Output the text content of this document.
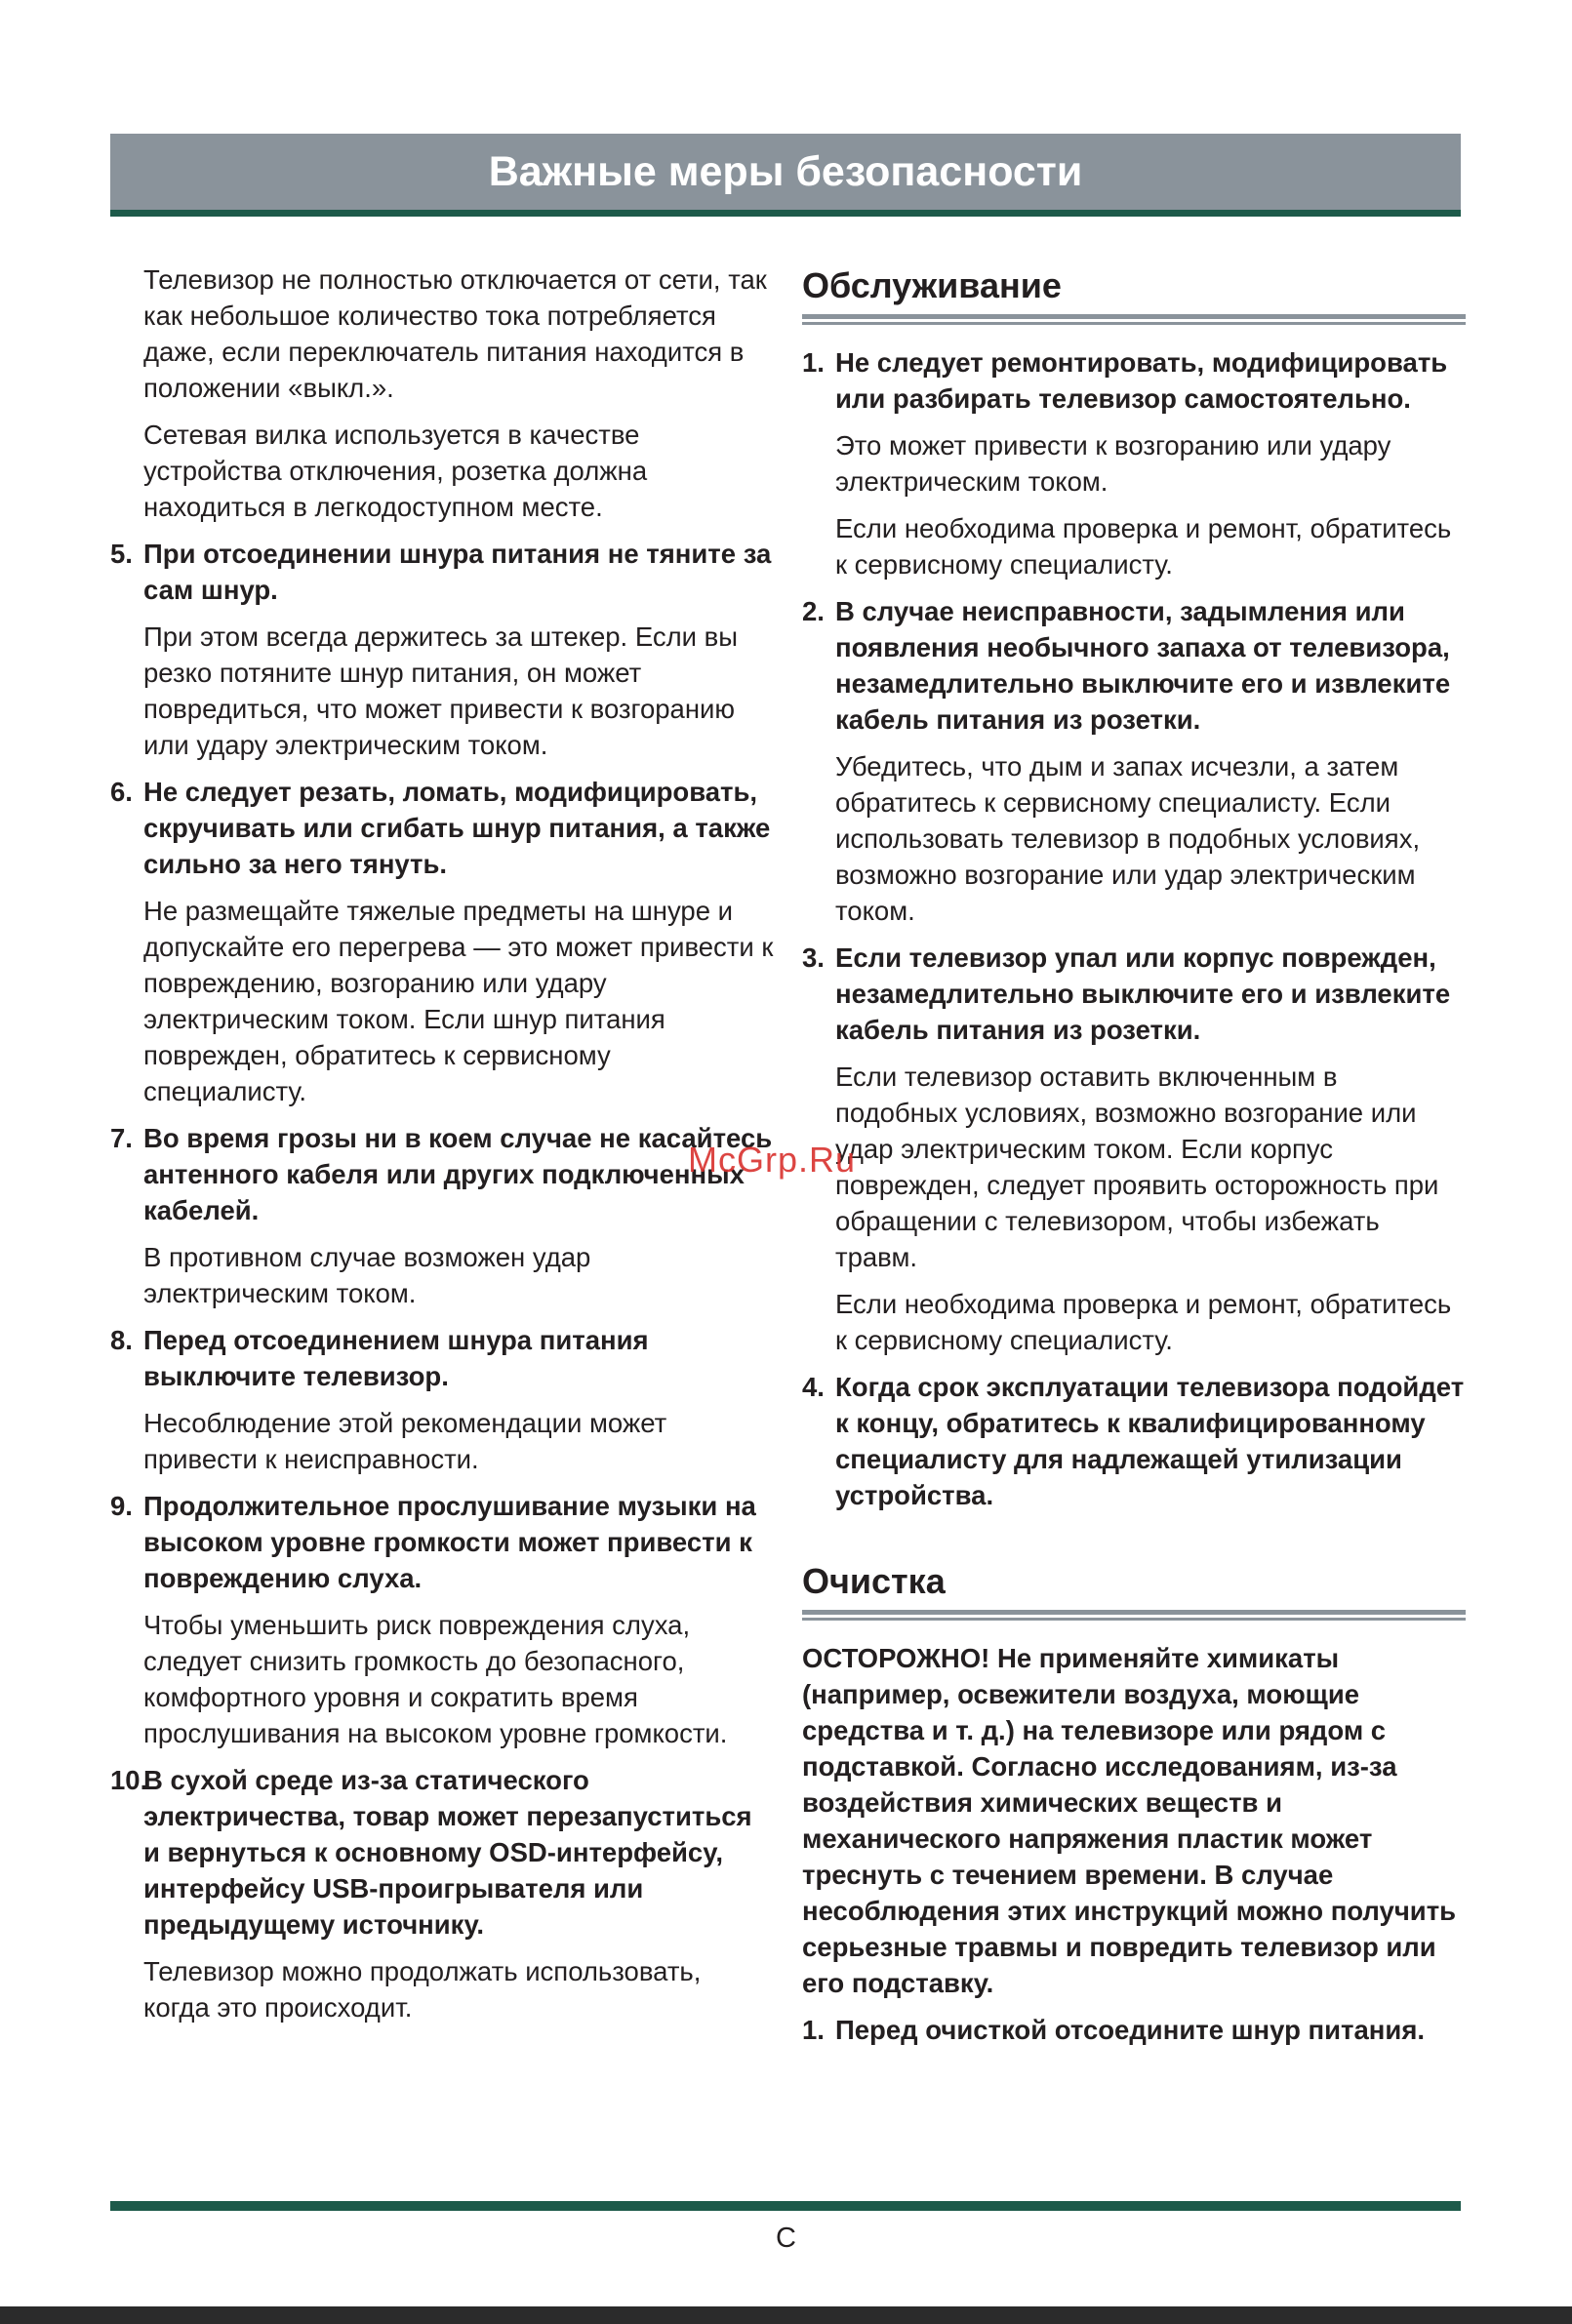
Важные меры безопасности

Телевизор не полностью отключается от сети, так как небольшое количество тока потребляется даже, если переключатель питания находится в положении «выкл.».

Сетевая вилка используется в качестве устройства отключения, розетка должна находиться в легкодоступном месте.

5. При отсоединении шнура питания не тяните за сам шнур.

При этом всегда держитесь за штекер. Если вы резко потяните шнур питания, он может повредиться, что может привести к возгоранию или удару электрическим током.

6. Не следует резать, ломать, модифицировать, скручивать или сгибать шнур питания, а также сильно за него тянуть.

Не размещайте тяжелые предметы на шнуре и допускайте его перегрева — это может привести к повреждению, возгоранию или удару электрическим током. Если шнур питания поврежден, обратитесь к сервисному специалисту.

7. Во время грозы ни в коем случае не касайтесь антенного кабеля или других подключенных кабелей.

В противном случае возможен удар электрическим током.

8. Перед отсоединением шнура питания выключите телевизор.

Несоблюдение этой рекомендации может привести к неисправности.

9. Продолжительное прослушивание музыки на высоком уровне громкости может привести к повреждению слуха.

Чтобы уменьшить риск повреждения слуха, следует снизить громкость до безопасного, комфортного уровня и сократить время прослушивания на высоком уровне громкости.

10.
В сухой среде из-за статического электричества, товар может перезапуститься и вернуться к основному OSD-интерфейсу, интерфейсу USB-проигрывателя или предыдущему источнику.

Телевизор можно продолжать использовать, когда это происходит.

Обслуживание
1. Не следует ремонтировать, модифицировать или разбирать телевизор самостоятельно.

Это может привести к возгоранию или удару электрическим током.

Если необходима проверка и ремонт, обратитесь к сервисному специалисту.

2. В случае неисправности, задымления или появления необычного запаха от телевизора, незамедлительно выключите его и извлеките кабель питания из розетки.

Убедитесь, что дым и запах исчезли, а затем обратитесь к сервисному специалисту. Если использовать телевизор в подобных условиях, возможно возгорание или удар электрическим током.

3. Если телевизор упал или корпус поврежден, незамедлительно выключите его и извлеките кабель питания из розетки.

Если телевизор оставить включенным в подобных условиях, возможно возгорание или удар электрическим током. Если корпус поврежден, следует проявить осторожность при обращении с телевизором, чтобы избежать травм.

Если необходима проверка и ремонт, обратитесь к сервисному специалисту.

4. Когда срок эксплуатации телевизора подойдет к концу, обратитесь к квалифицированному специалисту для надлежащей утилизации устройства.
Очистка

ОСТОРОЖНО! Не применяйте химикаты (например, освежители воздуха, моющие средства и т. д.) на телевизоре или рядом с подставкой. Согласно исследованиям, из-за воздействия химических веществ и механического напряжения пластик может треснуть с течением времени. В случае несоблюдения этих инструкций можно получить серьезные травмы и повредить телевизор или его подставку.

1. Перед очисткой отсоедините шнур питания.
McGrp.Ru
C
